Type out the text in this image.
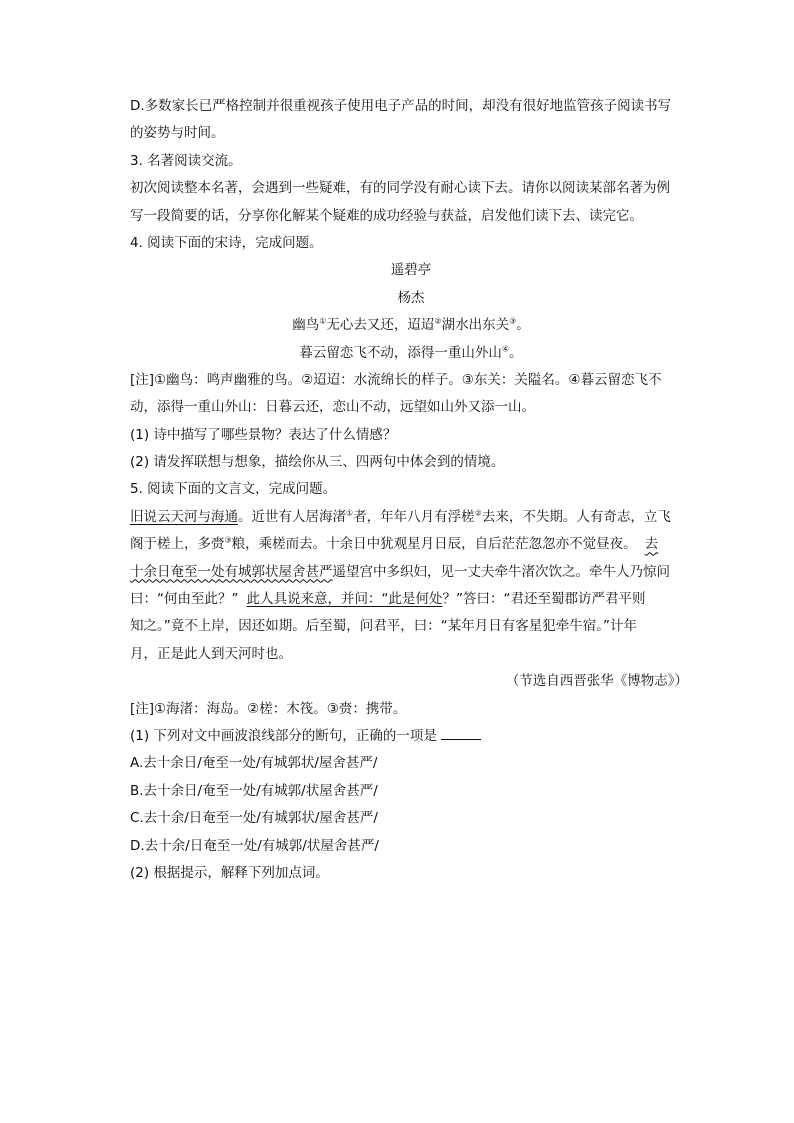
D.多数家长已严格控制并很重视孩子使用电子产品的时间，却没有很好地监管孩子阅读书写
的姿势与时间。
3. 名著阅读交流。
初次阅读整本名著，会遇到一些疑难，有的同学没有耐心读下去。请你以阅读某部名著为例
写一段简要的话，分享你化解某个疑难的成功经验与获益，启发他们读下去、读完它。
4. 阅读下面的宋诗，完成问题。
遥碧亭
杨杰
幽鸟①无心去又还，迢迢②湖水出东关③。
暮云留恋飞不动，添得一重山外山④。
[注]①幽鸟：鸣声幽雅的鸟。②迢迢：水流绵长的样子。③东关：关隘名。④暮云留恋飞不
动，添得一重山外山：日暮云还，恋山不动，远望如山外又添一山。
(1) 诗中描写了哪些景物？表达了什么情感？
(2) 请发挥联想与想象，描绘你从三、四两句中体会到的情境。
5. 阅读下面的文言文，完成问题。
旧说云天河与海通。近世有人居海渚①者，年年八月有浮槎②去来，不失期。人有奇志，立飞
阁于槎上，多赍③粮，乘槎而去。十余日中犹观星月日辰，自后茫茫忽忽亦不觉昼夜。 去
十余日奄至一处有城郭状屋舍甚严遥望宫中多织妇，见一丈夫牵牛渚次饮之。牵牛人乃惊问
曰：“何由至此？” 此人具说来意，并问：“此是何处？”答曰：“君还至蜀郡访严君平则
知之。”竟不上岸，因还如期。后至蜀，问君平，曰：“某年月日有客星犯牵牛宿。”计年
月，正是此人到天河时也。
（节选自西晋张华《博物志》）
[注]①海渚：海岛。②槎：木筏。③赍：携带。
(1) 下列对文中画波浪线部分的断句，正确的一项是
A.去十余日/奄至一处/有城郭状/屋舍甚严/
B.去十余日/奄至一处/有城郭/状屋舍甚严/
C.去十余/日奄至一处/有城郭状/屋舍甚严/
D.去十余/日奄至一处/有城郭/状屋舍甚严/
(2) 根据提示，解释下列加点词。
